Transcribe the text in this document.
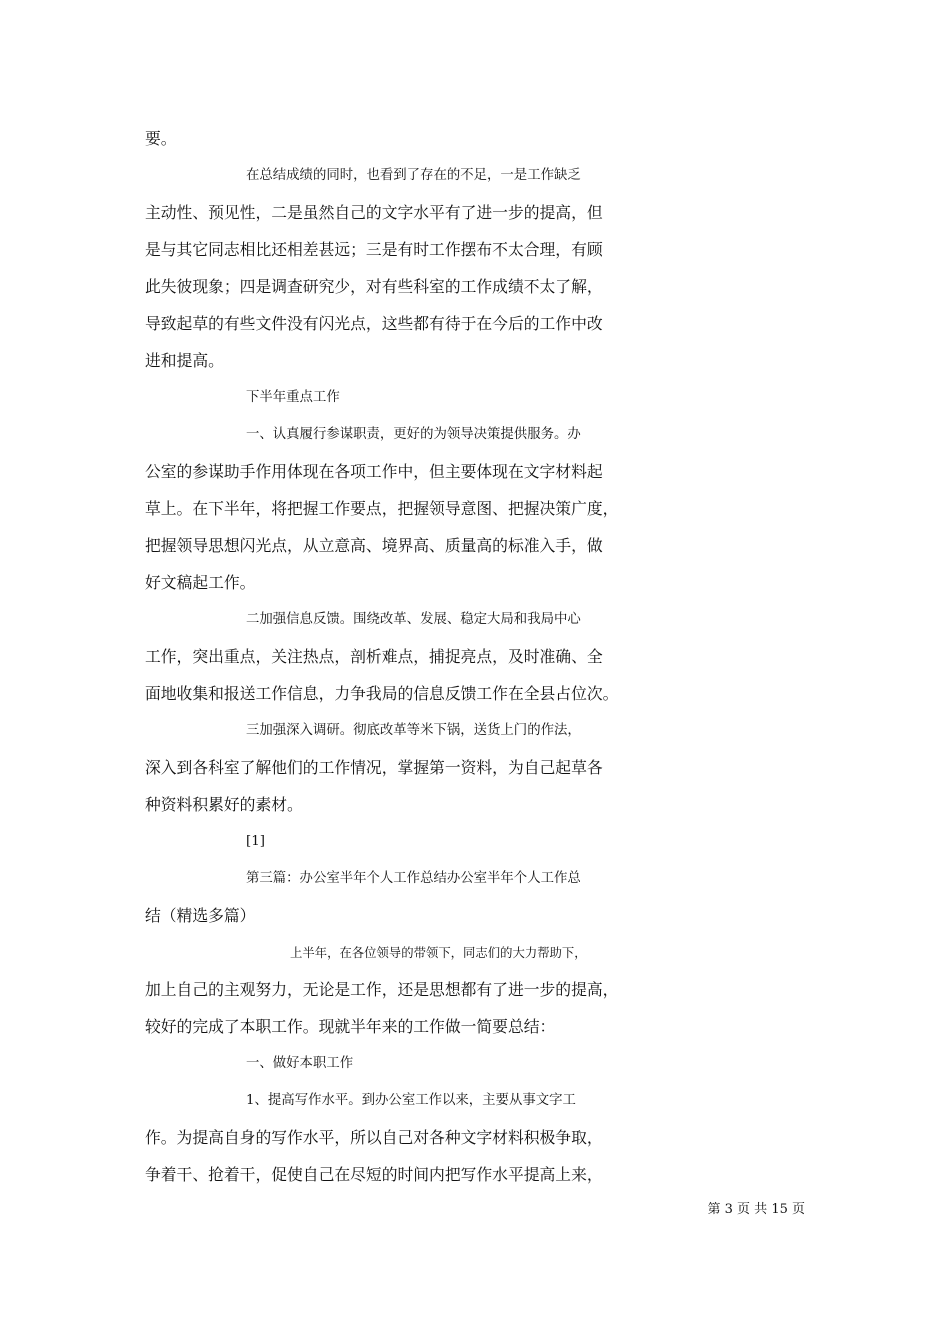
要。
在总结成绩的同时，也看到了存在的不足，一是工作缺乏
主动性、预见性，二是虽然自己的文字水平有了进一步的提高，但
是与其它同志相比还相差甚远；三是有时工作摆布不太合理，有顾
此失彼现象；四是调查研究少，对有些科室的工作成绩不太了解，
导致起草的有些文件没有闪光点，这些都有待于在今后的工作中改
进和提高。
下半年重点工作
一、认真履行参谋职责，更好的为领导决策提供服务。办
公室的参谋助手作用体现在各项工作中，但主要体现在文字材料起
草上。在下半年，将把握工作要点，把握领导意图、把握决策广度，
把握领导思想闪光点，从立意高、境界高、质量高的标准入手，做
好文稿起工作。
二加强信息反馈。围绕改革、发展、稳定大局和我局中心
工作，突出重点，关注热点，剖析难点，捕捉亮点，及时准确、全
面地收集和报送工作信息，力争我局的信息反馈工作在全县占位次。
三加强深入调研。彻底改革等米下锅，送货上门的作法，
深入到各科室了解他们的工作情况，掌握第一资料，为自己起草各
种资料积累好的素材。
[1]
第三篇：办公室半年个人工作总结办公室半年个人工作总
结（精选多篇）
上半年，在各位领导的带领下，同志们的大力帮助下，
加上自己的主观努力，无论是工作，还是思想都有了进一步的提高，
较好的完成了本职工作。现就半年来的工作做一简要总结：
一、做好本职工作
1、提高写作水平。到办公室工作以来，主要从事文字工
作。为提高自身的写作水平，所以自己对各种文字材料积极争取，
争着干、抢着干，促使自己在尽短的时间内把写作水平提高上来，
第 3 页 共 15 页
